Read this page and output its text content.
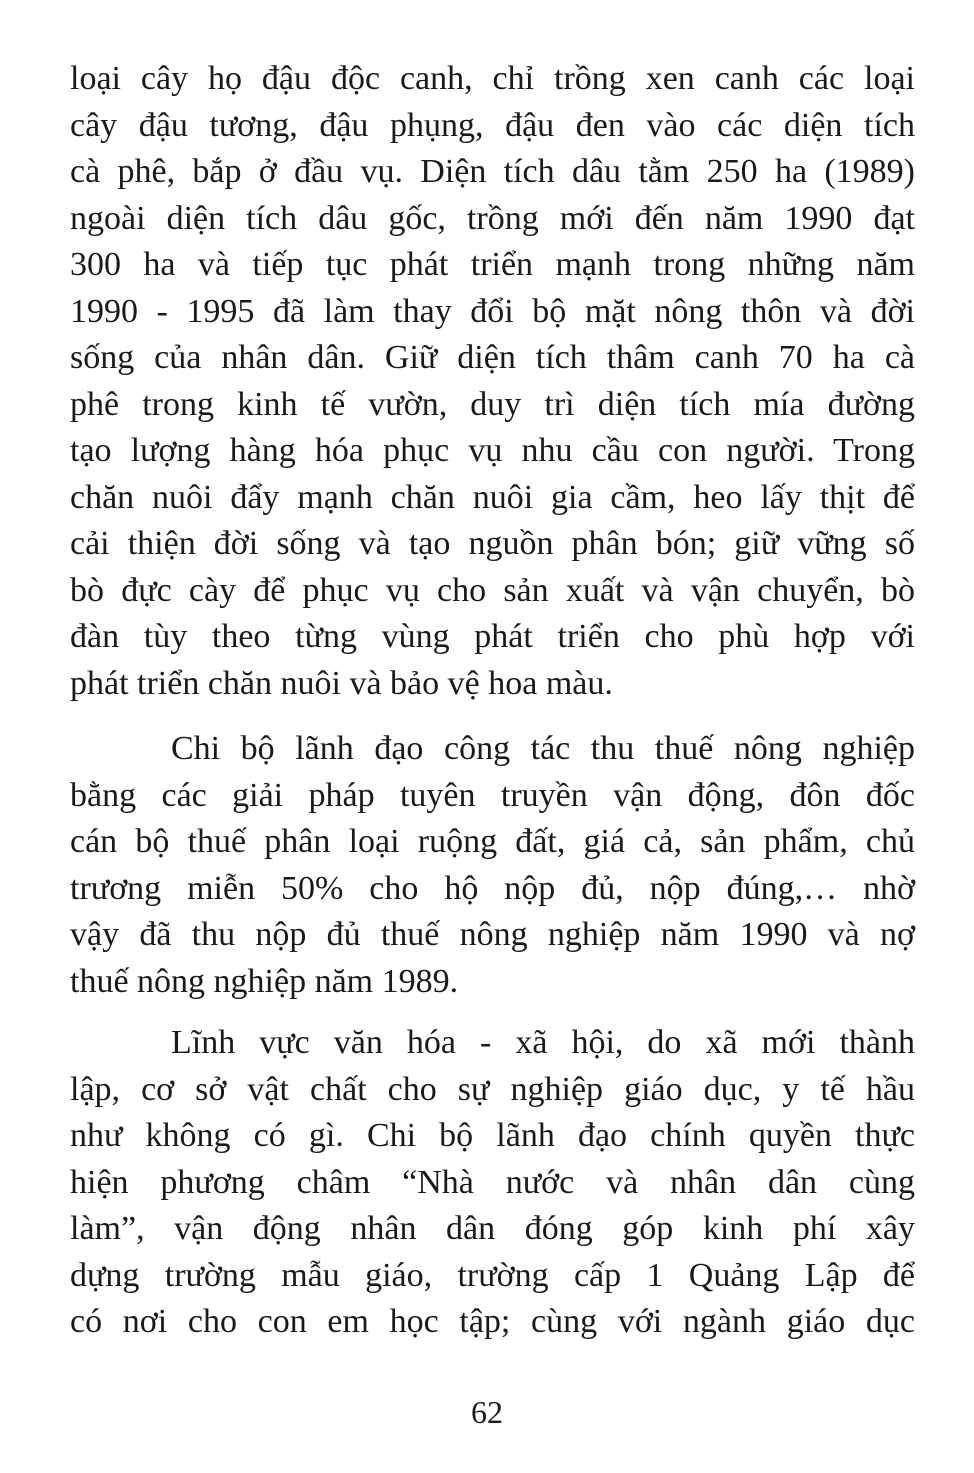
loại cây họ đậu độc canh, chỉ trồng xen canh các loại
cây đậu tương, đậu phụng, đậu đen vào các diện tích
cà phê, bắp ở đầu vụ. Diện tích dâu tằm 250 ha (1989)
ngoài diện tích dâu gốc, trồng mới đến năm 1990 đạt
300 ha và tiếp tục phát triển mạnh trong những năm
1990 - 1995 đã làm thay đổi bộ mặt nông thôn và đời
sống của nhân dân. Giữ diện tích thâm canh 70 ha cà
phê trong kinh tế vườn, duy trì diện tích mía đường
tạo lượng hàng hóa phục vụ nhu cầu con người. Trong
chăn nuôi đẩy mạnh chăn nuôi gia cầm, heo lấy thịt để
cải thiện đời sống và tạo nguồn phân bón; giữ vững số
bò đực cày để phục vụ cho sản xuất và vận chuyển, bò
đàn tùy theo từng vùng phát triển cho phù hợp với
phát triển chăn nuôi và bảo vệ hoa màu.
Chi bộ lãnh đạo công tác thu thuế nông nghiệp
bằng các giải pháp tuyên truyền vận động, đôn đốc
cán bộ thuế phân loại ruộng đất, giá cả, sản phẩm, chủ
trương miễn 50% cho hộ nộp đủ, nộp đúng,… nhờ
vậy đã thu nộp đủ thuế nông nghiệp năm 1990 và nợ
thuế nông nghiệp năm 1989.
Lĩnh vực văn hóa - xã hội, do xã mới thành
lập, cơ sở vật chất cho sự nghiệp giáo dục, y tế hầu
như không có gì. Chi bộ lãnh đạo chính quyền thực
hiện phương châm “Nhà nước và nhân dân cùng
làm”, vận động nhân dân đóng góp kinh phí xây
dựng trường mẫu giáo, trường cấp 1 Quảng Lập để
có nơi cho con em học tập; cùng với ngành giáo dục
62
